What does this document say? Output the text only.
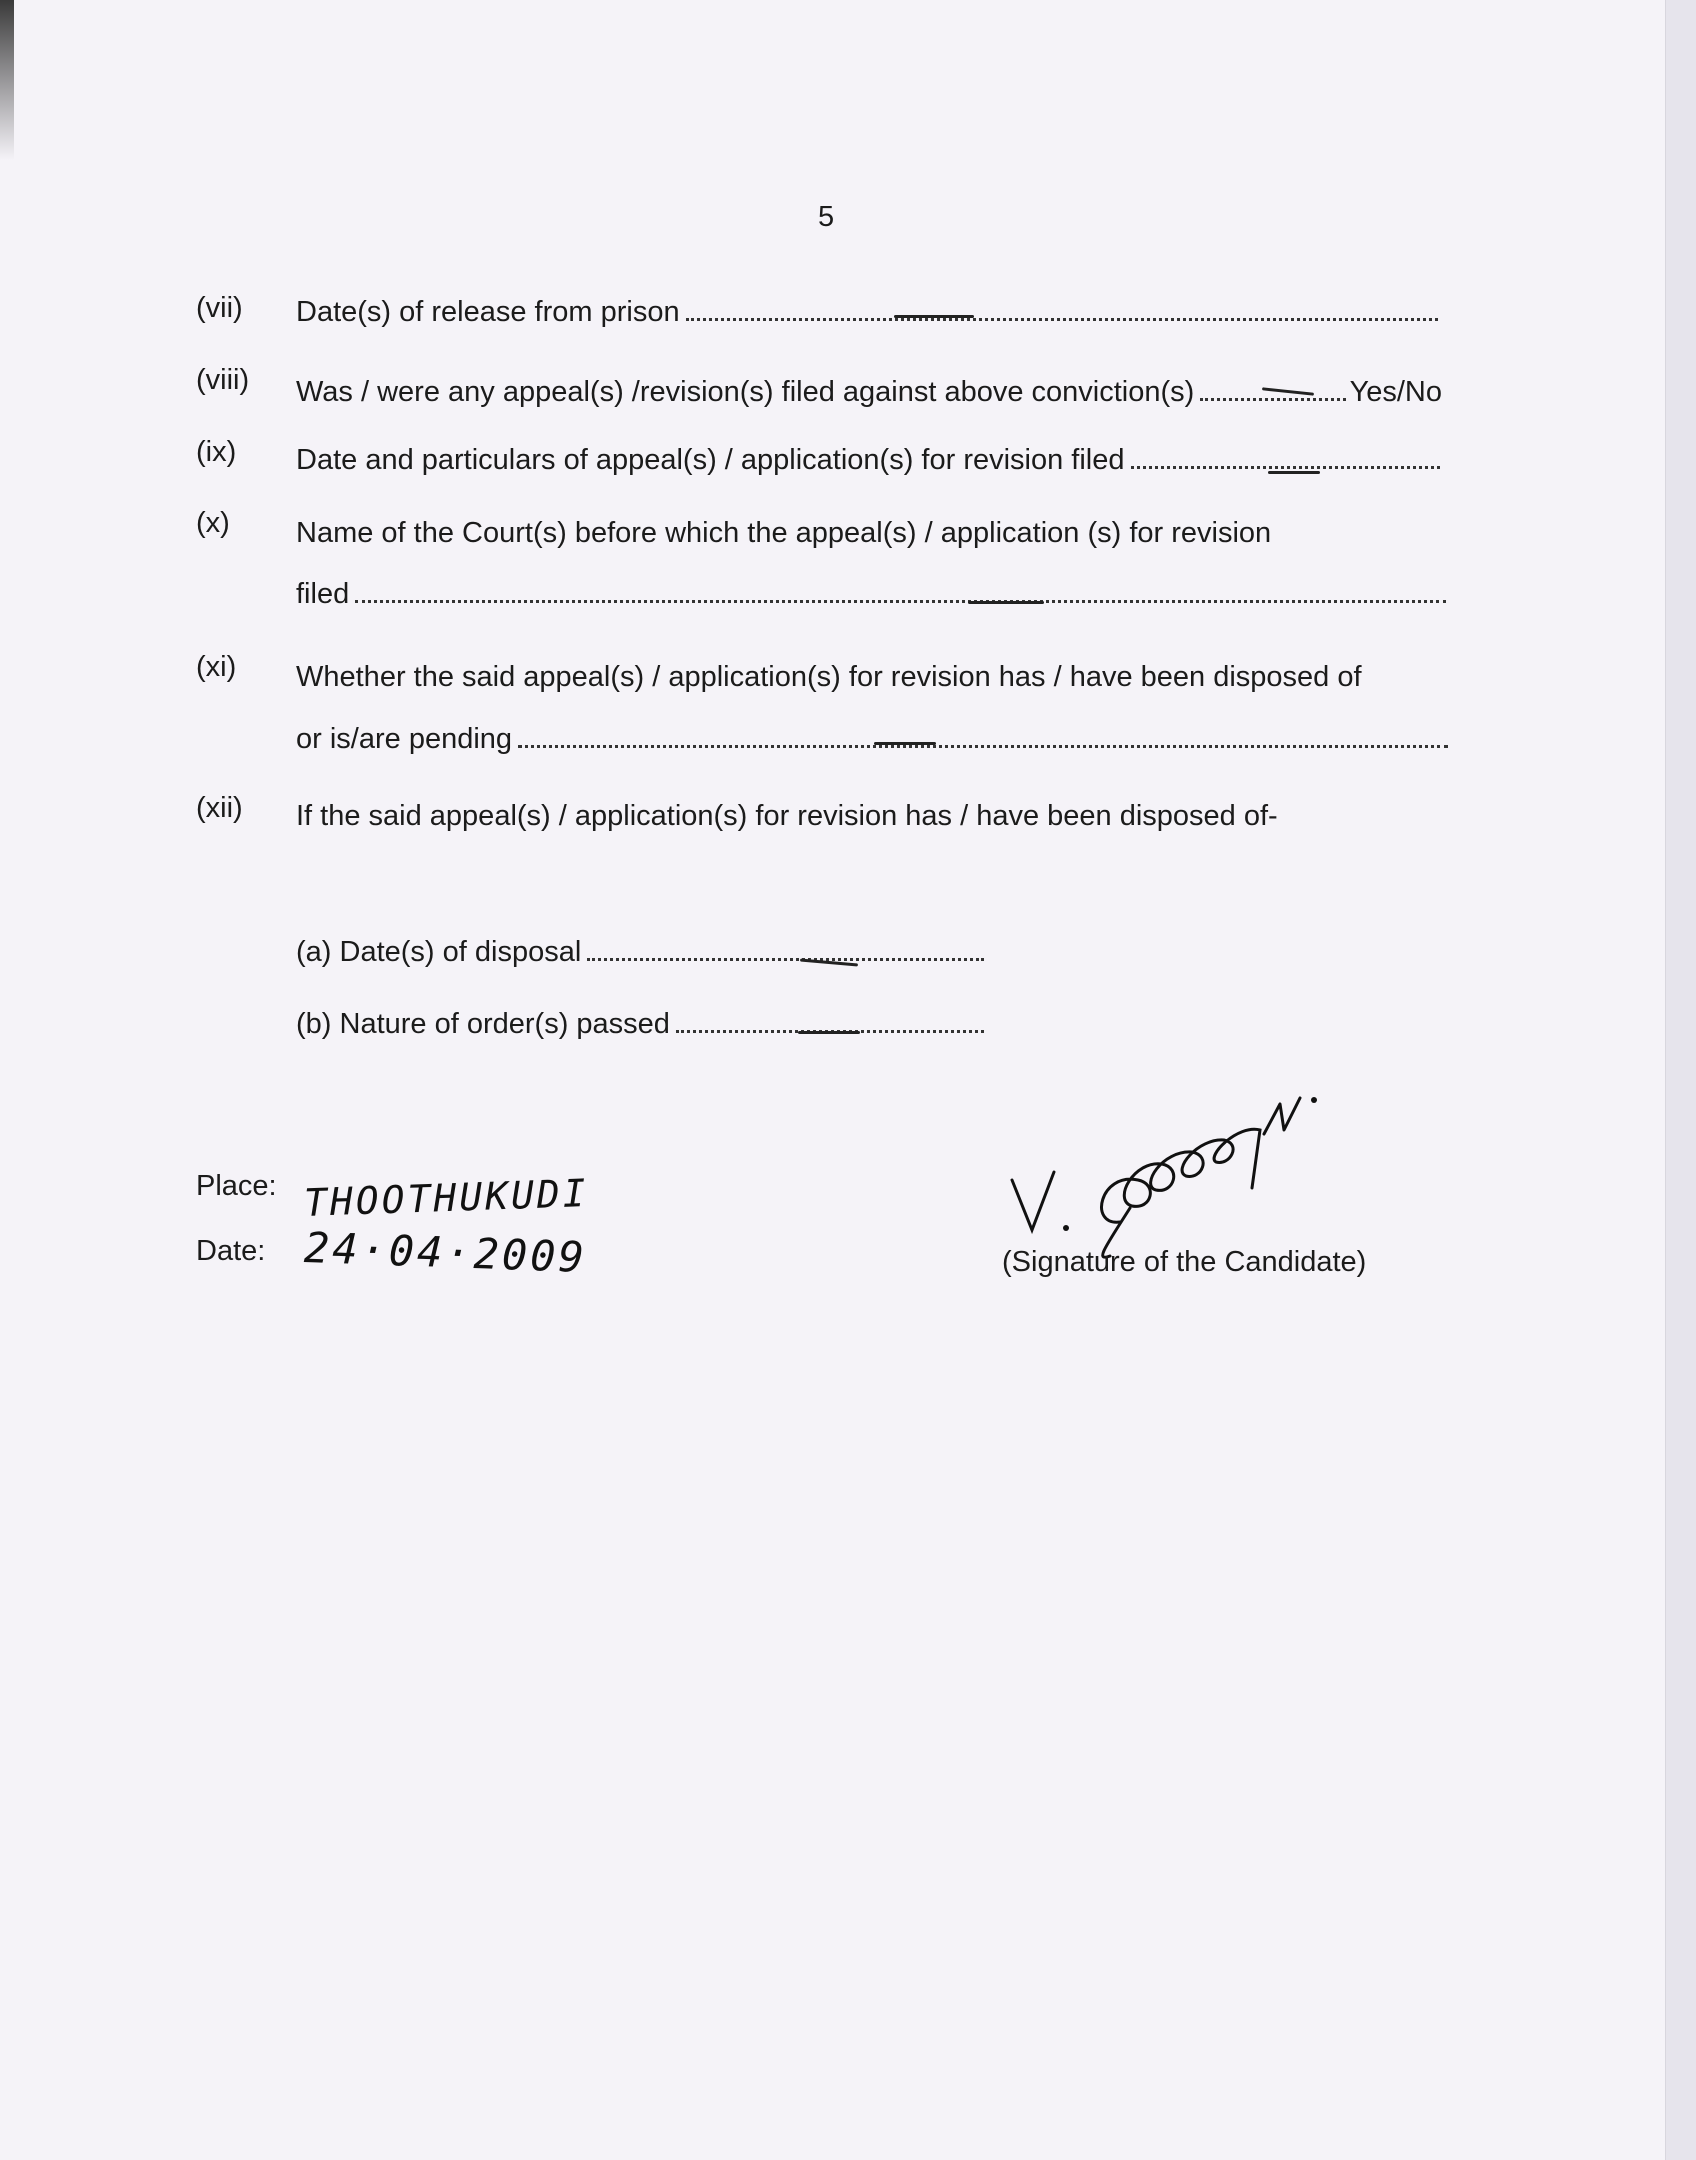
5
(vii) Date(s) of release from prison
(viii) Was / were any appeal(s) /revision(s) filed against above conviction(s)	Yes/No
(ix) Date and particulars of appeal(s) / application(s) for revision filed
(x) Name of the Court(s) before which the appeal(s) / application (s) for revision
filed
(xi) Whether the said appeal(s) / application(s) for revision has / have been disposed of
or is/are pending
(xii) If the said appeal(s) / application(s) for revision has / have been disposed of-
(a) Date(s) of disposal
(b) Nature of order(s) passed
Place: THOOTHUKUDI
Date: 24·04·2009	(Signature of the Candidate)
